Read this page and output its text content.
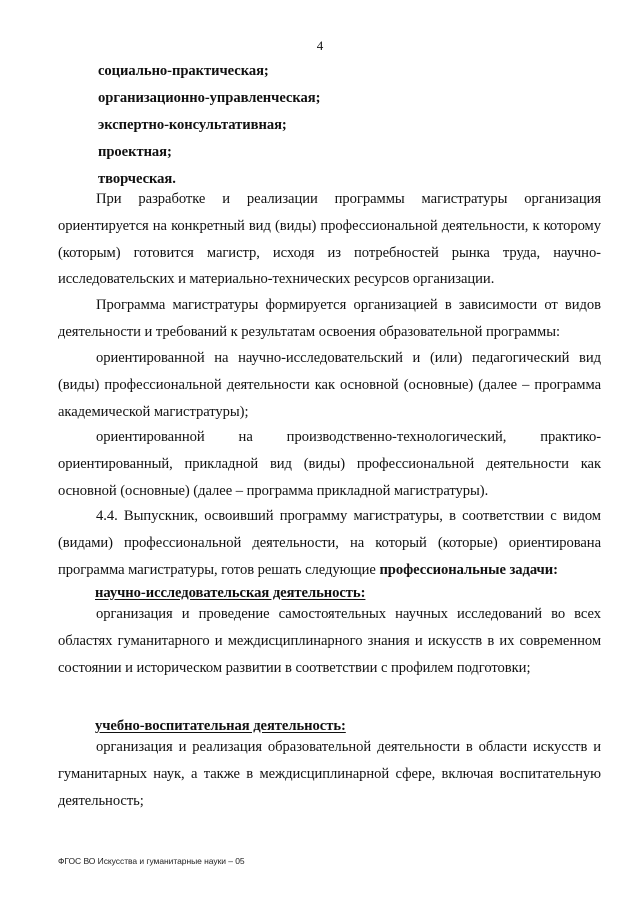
4
социально-практическая;
организационно-управленческая;
экспертно-консультативная;
проектная;
творческая.

При разработке и реализации программы магистратуры организация ориентируется на конкретный вид (виды) профессиональной деятельности, к которому (которым) готовится магистр, исходя из потребностей рынка труда, научно-исследовательских и материально-технических ресурсов организации.

Программа магистратуры формируется организацией в зависимости от видов деятельности и требований к результатам освоения образовательной программы:

ориентированной на научно-исследовательский и (или) педагогический вид (виды) профессиональной деятельности как основной (основные) (далее – программа академической магистратуры);

ориентированной на производственно-технологический, практико-ориентированный, прикладной вид (виды) профессиональной деятельности как основной (основные) (далее – программа прикладной магистратуры).

4.4. Выпускник, освоивший программу магистратуры, в соответствии с видом (видами) профессиональной деятельности, на который (которые) ориентирована программа магистратуры, готов решать следующие профессиональные задачи:

научно-исследовательская деятельность:

организация и проведение самостоятельных научных исследований во всех областях гуманитарного и междисциплинарного знания и искусств в их современном состоянии и историческом развитии в соответствии с профилем подготовки;

учебно-воспитательная деятельность:

организация и реализация образовательной деятельности в области искусств и гуманитарных наук, а также в междисциплинарной сфере, включая воспитательную деятельность;

ФГОС ВО Искусства и гуманитарные науки – 05
